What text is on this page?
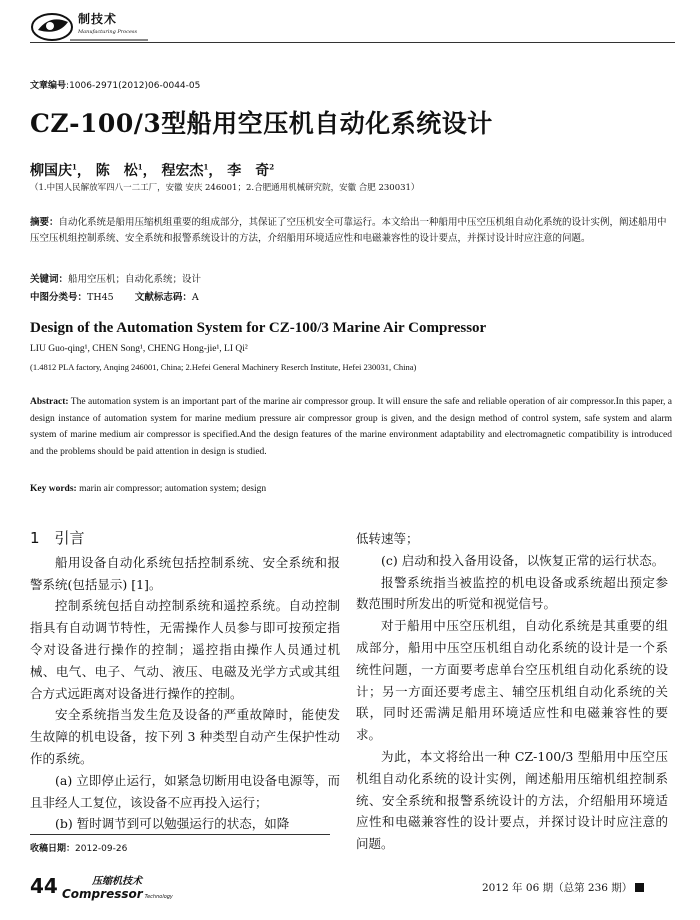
制技术
Manufacturing Process
文章编号:1006-2971(2012)06-0044-05
CZ-100/3型船用空压机自动化系统设计
柳国庆$^1$， 陈　松$^1$， 程宏杰$^1$， 李　奇$^2$
（1.中国人民解放军四八一二工厂，安徽 安庆 246001；2.合肥通用机械研究院，安徽 合肥 230031）
摘要：自动化系统是船用压缩机组重要的组成部分，其保证了空压机安全可靠运行。本文给出一种船用中压空压机组自动化系统的设计实例，阐述船用中压空压机组控制系统、安全系统和报警系统设计的方法，介绍船用环境适应性和电磁兼容性的设计要点，并探讨设计时应注意的问题。
关键词：船用空压机；自动化系统；设计
中图分类号：TH45 文献标志码：A
Design of the Automation System for CZ-100/3 Marine Air Compressor
LIU Guo-qing¹, CHEN Song¹, CHENG Hong-jie¹, LI Qi²
(1.4812 PLA factory, Anqing 246001, China; 2.Hefei General Machinery Reserch Institute, Hefei 230031, China)
Abstract: The automation system is an important part of the marine air compressor group. It will ensure the safe and reliable operation of air compressor.In this paper, a design instance of automation system for marine medium pressure air compressor group is given, and the design method of control system, safe system and alarm system of marine medium air compressor is specified.And the design features of the marine environment adaptability and electromagnetic compatibility is introduced and the problems should be paid attention in design is studied.
Key words: marin air compressor; automation system; design

1　引言

船用设备自动化系统包括控制系统、安全系统和报警系统(包括显示) [1]。

控制系统包括自动控制系统和遥控系统。自动控制指具有自动调节特性，无需操作人员参与即可按预定指令对设备进行操作的控制；遥控指由操作人员通过机械、电气、电子、气动、液压、电磁及光学方式或其组合方式远距离对设备进行操作的控制。

安全系统指当发生危及设备的严重故障时，能使发生故障的机电设备，按下列 3 种类型自动产生保护性动作的系统。

(a) 立即停止运行，如紧急切断用电设备电源等，而且非经人工复位，该设备不应再投入运行；

(b) 暂时调节到可以勉强运行的状态，如降

低转速等；

(c) 启动和投入备用设备，以恢复正常的运行状态。

报警系统指当被监控的机电设备或系统超出预定参数范围时所发出的听觉和视觉信号。

对于船用中压空压机组，自动化系统是其重要的组成部分，船用中压空压机组自动化系统的设计是一个系统性问题，一方面要考虑单台空压机组自动化系统的设计；另一方面还要考虑主、辅空压机组自动化系统的关联，同时还需满足船用环境适应性和电磁兼容性的要求。

为此，本文将给出一种 CZ-100/3 型船用中压空压机组自动化系统的设计实例，阐述船用压缩机组控制系统、安全系统和报警系统设计的方法，介绍船用环境适应性和电磁兼容性的设计要点，并探讨设计时应注意的问题。

收稿日期：2012-09-26
44	压缩机技术
Compressor Technology
2012 年 06 期（总第 236 期）
